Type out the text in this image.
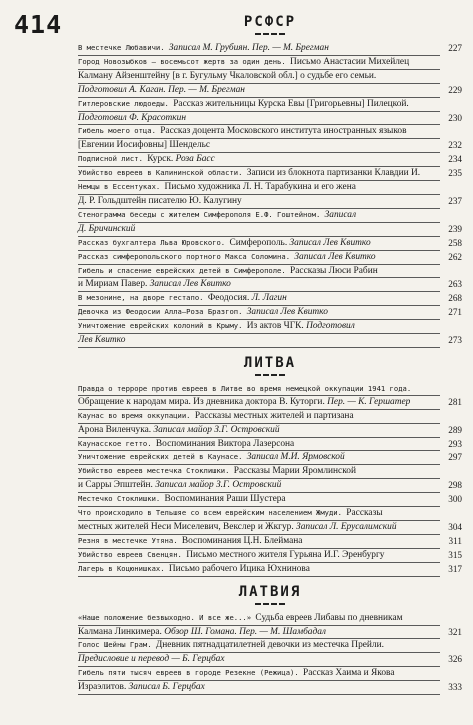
414	РСФСР
В местечке Любавичи. Записал М. Грубиян. Пер. — М. Брегман	227
Город Новозыбков — восемьсот жертв за один день. Письмо Анастасии Михейлец
Калману Айзенштейну [в г. Бугульму Чкаловской обл.] о судьбе его семьи.
Подготовил А. Каган. Пер. — М. Брегман	229
Гитлеровские людоеды. Рассказ жительницы Курска Евы [Григорьевны] Пилецкой.
Подготовил Ф. Красоткин	230
Гибель моего отца. Рассказ доцента Московского института иностранных языков
[Евгении Иосифовны] Шендельс	232
Подписной лист. Курск. Роза Басс	234
Убийство евреев в Калининской области. Записи из блокнота партизанки Клавдии И.	235
Немцы в Ессентуках. Письмо художника Л. Н. Тарабукина и его жена
Д. Р. Гольдштейн писателю Ю. Калугину	237
Стенограмма беседы с жителем Симферополя Е.Ф. Гоштейном. Записал
Д. Бричинский	239
Рассказ бухгалтера Льва Юровского. Симферополь. Записал Лев Квитко	258
Рассказ симферопольского портного Макса Соломина. Записал Лев Квитко	262
Гибель и спасение еврейских детей в Симферополе. Рассказы Люси Рабин
и Мириам Павер. Записал Лев Квитко	263
В мезонине, на дворе гестапо. Феодосия. Л. Лагин	268
Девочка из Феодосии Алла—Роза Бразгоп. Записал Лев Квитко	271
Уничтожение еврейских колоний в Крыму. Из актов ЧГК. Подготовил
Лев Квитко	273
ЛИТВА
Правда о терроре против евреев в Литве во время немецкой оккупации 1941 года.
Обращение к народам мира. Из дневника доктора В. Кутоpги. Пер. — К. Гершатер	281
Каунас во время оккупации. Рассказы местных жителей и партизана
Арона Виленчука. Записал майор З.Г. Островский	289
Каунасское гетто. Воспоминания Виктора Лазерсона	293
Уничтожение еврейских детей в Каунасе. Записал М.И. Ярмовской	297
Убийство евреев местечка Стоклишки. Рассказы Марии Яромлинской
и Сарры Эпштейн. Записал майор З.Г. Островский	298
Местечко Стоклишки. Воспоминания Раши Шустера	300
Что происходило в Тельшяе со всем еврейским населением Жмуди. Рассказы
местных жителей Неси Миселевич, Векслер и Жкгур. Записал Л. Ерусалимский	304
Резня в местечке Утяна. Воспоминания Ц.Н. Блеймана	311
Убийство евреев Свенцян. Письмо местного жителя Гурьяна И.Г. Эренбургу	315
Лагерь в Коцюнишках. Письмо рабочего Ицика Юхнинова	317
ЛАТВИЯ
«Наше положение безвыходно. И все же...» Судьба евреев Либавы по дневникам
Калмана Линкимера. Обзор Ш. Гомана. Пер. — М. Шамбадал	321
Голос Шейны Грам. Дневник пятнадцатилетней девочки из местечка Прейли.
Предисловие и перевод — Б. Герцбах	326
Гибель пяти тысяч евреев в городе Резекне (Режица). Рассказ Хаима и Якова
Израэлитов. Записал Б. Герцбах	333
